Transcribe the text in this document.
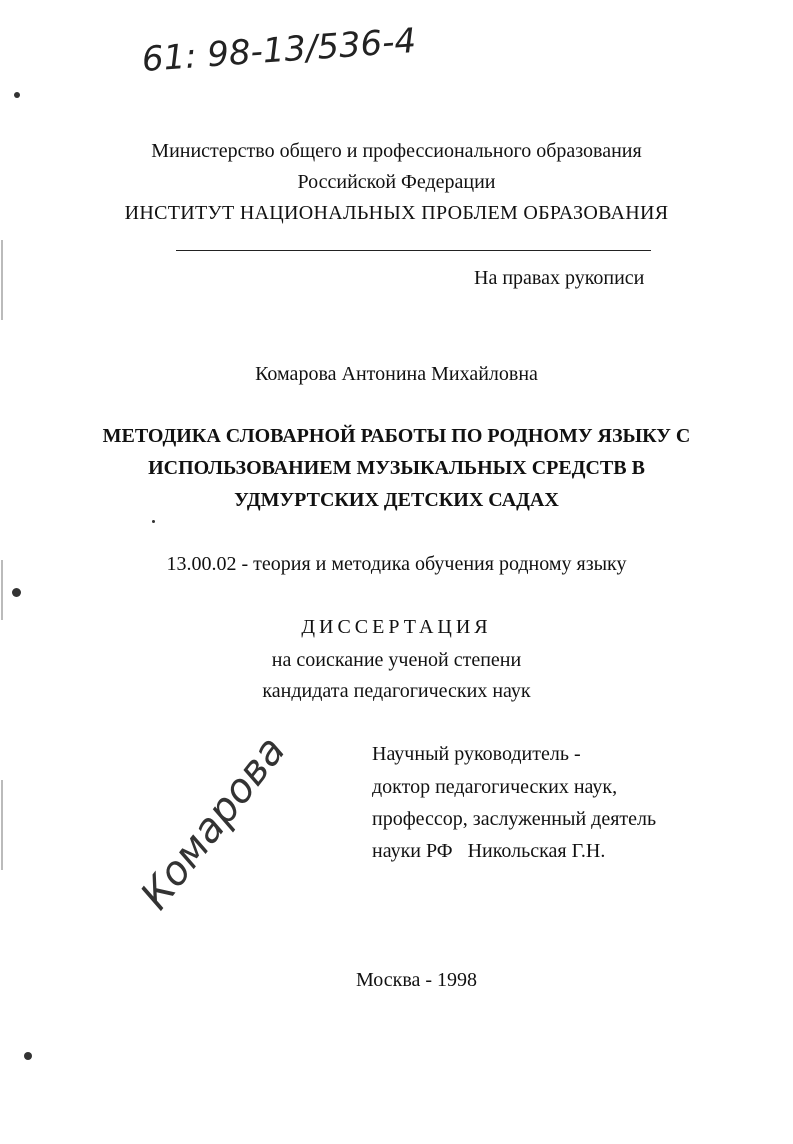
61: 98-13/536-4
Министерство общего и профессионального образования
Российской Федерации
ИНСТИТУТ НАЦИОНАЛЬНЫХ ПРОБЛЕМ ОБРАЗОВАНИЯ
На правах рукописи
Комарова Антонина Михайловна
МЕТОДИКА СЛОВАРНОЙ РАБОТЫ ПО РОДНОМУ ЯЗЫКУ С
ИСПОЛЬЗОВАНИЕМ МУЗЫКАЛЬНЫХ СРЕДСТВ В
УДМУРТСКИХ ДЕТСКИХ САДАХ
13.00.02 - теория и методика обучения родному языку
ДИССЕРТАЦИЯ
на соискание ученой степени
кандидата педагогических наук
Научный руководитель -
доктор педагогических наук,
профессор, заслуженный деятель
науки РФ   Никольская Г.Н.
Комарова
Москва - 1998
